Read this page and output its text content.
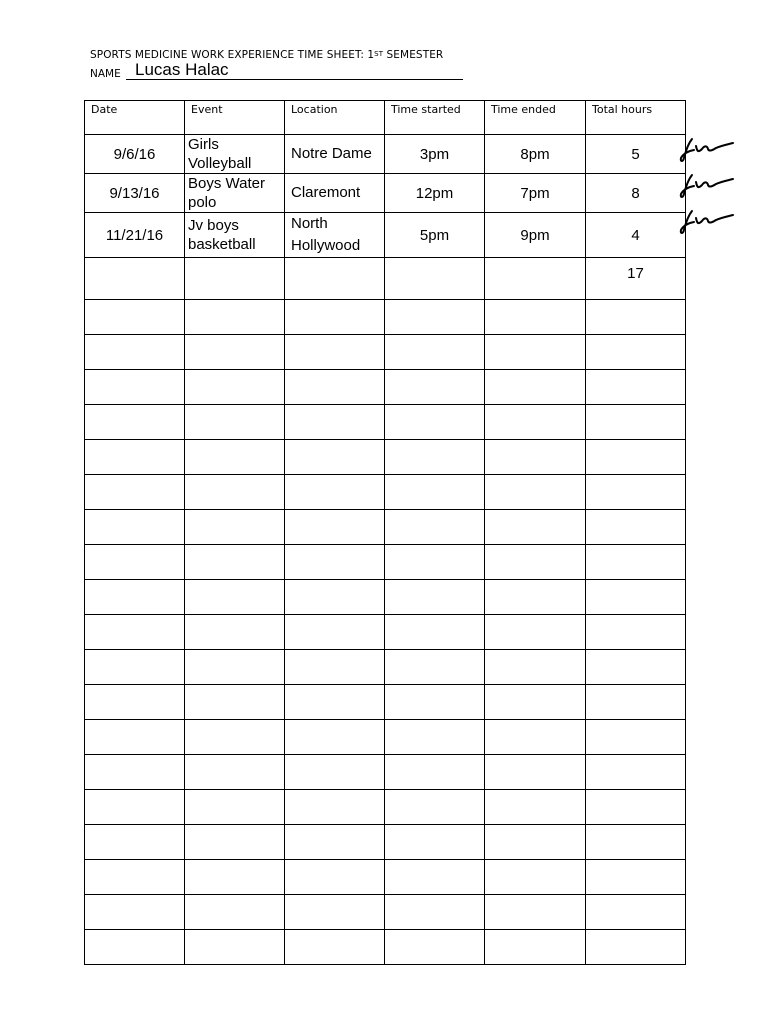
SPORTS MEDICINE WORK EXPERIENCE TIME SHEET: 1ST SEMESTER
NAME Lucas Halac
Date	Event	Location	Time started	Time ended	Total hours
9/6/16	Girls Volleyball	Notre Dame	3pm	8pm	5
9/13/16	Boys Water polo	Claremont	12pm	7pm	8
11/21/16	Jv boys basketball	North Hollywood	5pm	9pm	4
					17
